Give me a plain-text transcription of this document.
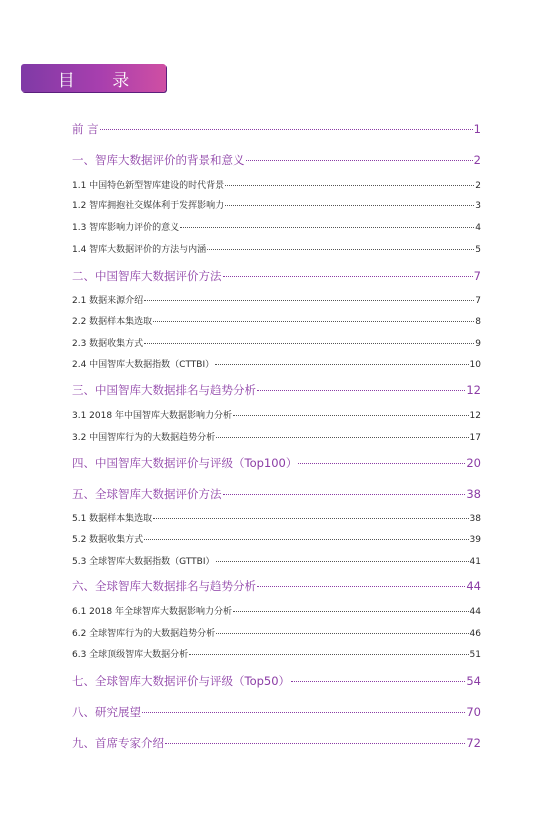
目 录
前 言	1
一、智库大数据评价的背景和意义	2
1.1 中国特色新型智库建设的时代背景	2
1.2 智库拥抱社交媒体利于发挥影响力	3
1.3 智库影响力评价的意义	4
1.4 智库大数据评价的方法与内涵	5
二、中国智库大数据评价方法	7
2.1 数据来源介绍	7
2.2 数据样本集选取	8
2.3 数据收集方式	9
2.4 中国智库大数据指数（CTTBI）	10
三、中国智库大数据排名与趋势分析	12
3.1 2018 年中国智库大数据影响力分析	12
3.2 中国智库行为的大数据趋势分析	17
四、中国智库大数据评价与评级（Top100）	20
五、全球智库大数据评价方法	38
5.1 数据样本集选取	38
5.2 数据收集方式	39
5.3 全球智库大数据指数（GTTBI）	41
六、全球智库大数据排名与趋势分析	44
6.1 2018 年全球智库大数据影响力分析	44
6.2 全球智库行为的大数据趋势分析	46
6.3 全球顶级智库大数据分析	51
七、全球智库大数据评价与评级（Top50）	54
八、研究展望	70
九、首席专家介绍	72
